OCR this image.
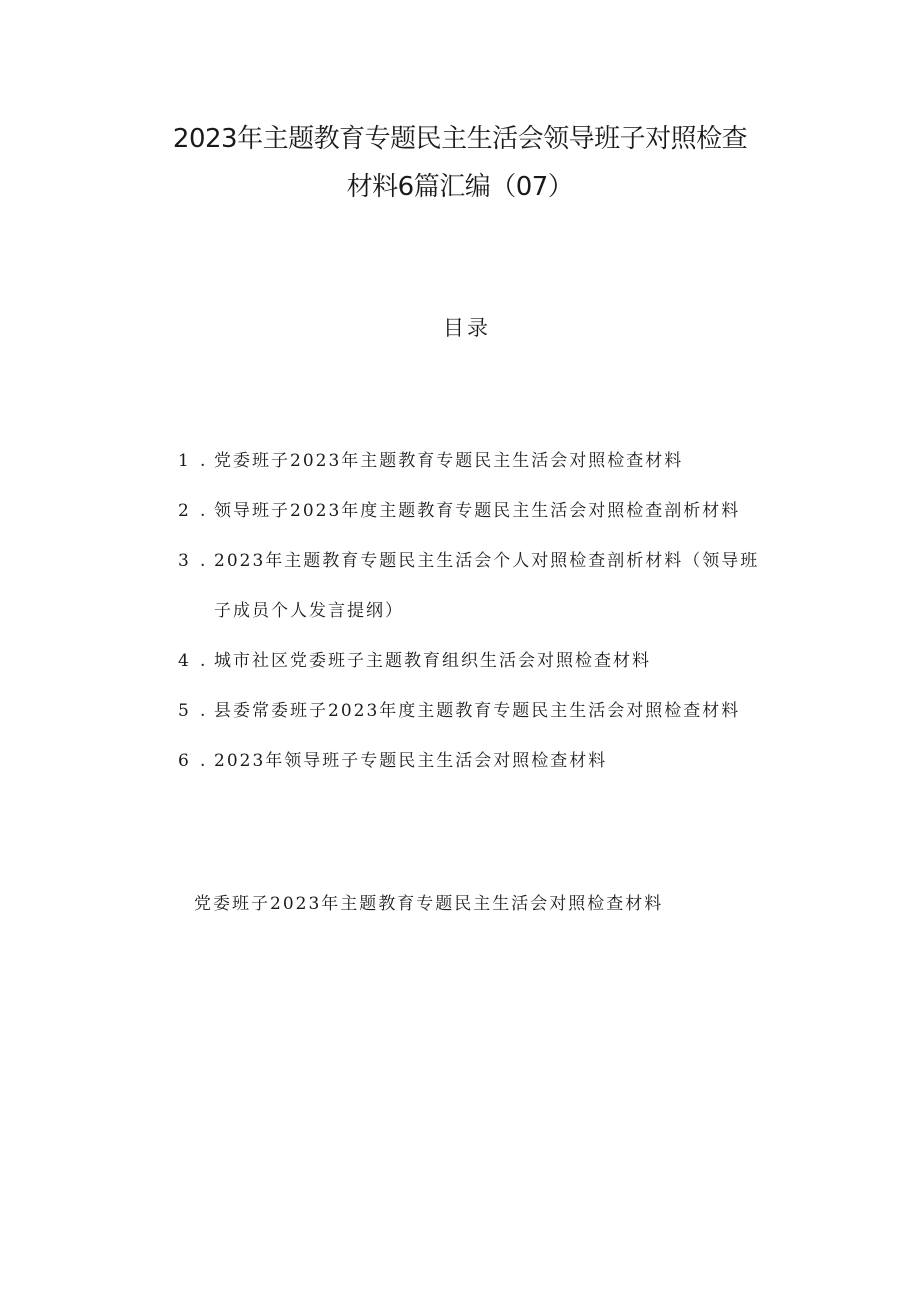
2023年主题教育专题民主生活会领导班子对照检查
材料6篇汇编（07）
目录
1 . 党委班子2023年主题教育专题民主生活会对照检查材料
2 . 领导班子2023年度主题教育专题民主生活会对照检查剖析材料
3 . 2023年主题教育专题民主生活会个人对照检查剖析材料（领导班
子成员个人发言提纲）
4 . 城市社区党委班子主题教育组织生活会对照检查材料
5 . 县委常委班子2023年度主题教育专题民主生活会对照检查材料
6 . 2023年领导班子专题民主生活会对照检查材料
党委班子2023年主题教育专题民主生活会对照检查材料
